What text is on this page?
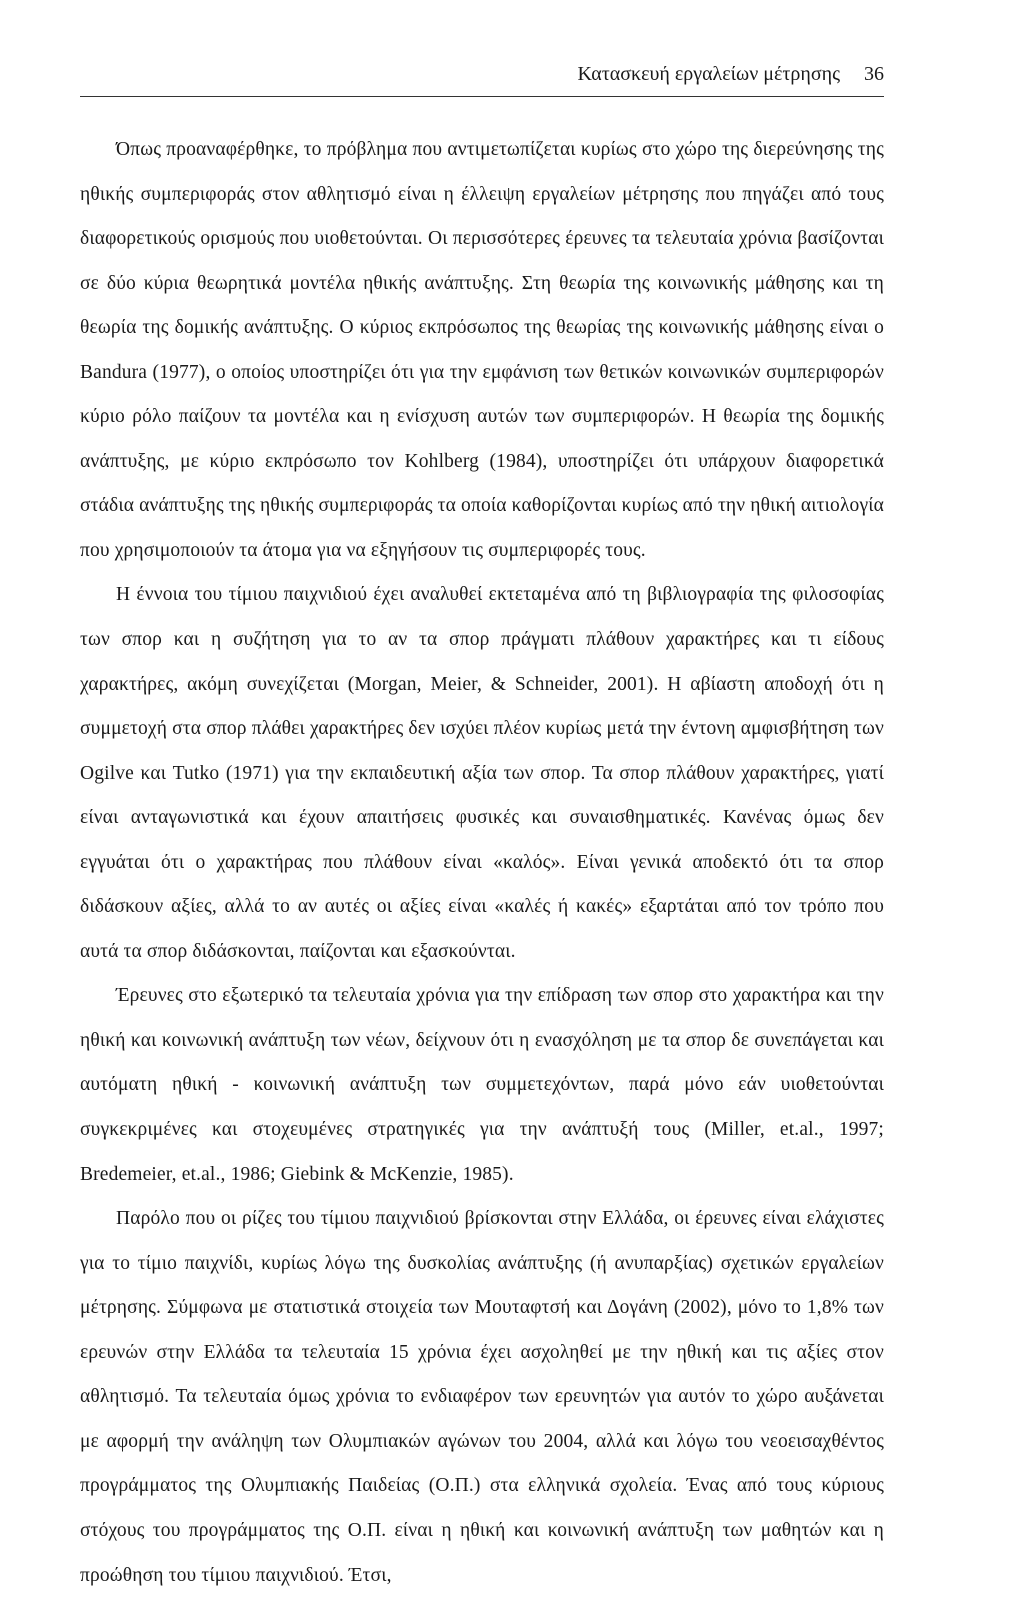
Κατασκευή εργαλείων μέτρησης 36

Όπως προαναφέρθηκε, το πρόβλημα που αντιμετωπίζεται κυρίως στο χώρο της διερεύνησης της ηθικής συμπεριφοράς στον αθλητισμό είναι η έλλειψη εργαλείων μέτρησης που πηγάζει από τους διαφορετικούς ορισμούς που υιοθετούνται. Οι περισσότερες έρευνες τα τελευταία χρόνια βασίζονται σε δύο κύρια θεωρητικά μοντέλα ηθικής ανάπτυξης. Στη θεωρία της κοινωνικής μάθησης και τη θεωρία της δομικής ανάπτυξης. Ο κύριος εκπρόσωπος της θεωρίας της κοινωνικής μάθησης είναι ο Bandura (1977), ο οποίος υποστηρίζει ότι για την εμφάνιση των θετικών κοινωνικών συμπεριφορών κύριο ρόλο παίζουν τα μοντέλα και η ενίσχυση αυτών των συμπεριφορών. Η θεωρία της δομικής ανάπτυξης, με κύριο εκπρόσωπο τον Kohlberg (1984), υποστηρίζει ότι υπάρχουν διαφορετικά στάδια ανάπτυξης της ηθικής συμπεριφοράς τα οποία καθορίζονται κυρίως από την ηθική αιτιολογία που χρησιμοποιούν τα άτομα για να εξηγήσουν τις συμπεριφορές τους.

Η έννοια του τίμιου παιχνιδιού έχει αναλυθεί εκτεταμένα από τη βιβλιογραφία της φιλοσοφίας των σπορ και η συζήτηση για το αν τα σπορ πράγματι πλάθουν χαρακτήρες και τι είδους χαρακτήρες, ακόμη συνεχίζεται (Morgan, Meier, & Schneider, 2001). Η αβίαστη αποδοχή ότι η συμμετοχή στα σπορ πλάθει χαρακτήρες δεν ισχύει πλέον κυρίως μετά την έντονη αμφισβήτηση των Ogilve και Tutko (1971) για την εκπαιδευτική αξία των σπορ. Τα σπορ πλάθουν χαρακτήρες, γιατί είναι ανταγωνιστικά και έχουν απαιτήσεις φυσικές και συναισθηματικές. Κανένας όμως δεν εγγυάται ότι ο χαρακτήρας που πλάθουν είναι «καλός». Είναι γενικά αποδεκτό ότι τα σπορ διδάσκουν αξίες, αλλά το αν αυτές οι αξίες είναι «καλές ή κακές» εξαρτάται από τον τρόπο που αυτά τα σπορ διδάσκονται, παίζονται και εξασκούνται.

Έρευνες στο εξωτερικό τα τελευταία χρόνια για την επίδραση των σπορ στο χαρακτήρα και την ηθική και κοινωνική ανάπτυξη των νέων, δείχνουν ότι η ενασχόληση με τα σπορ δε συνεπάγεται και αυτόματη ηθική - κοινωνική ανάπτυξη των συμμετεχόντων, παρά μόνο εάν υιοθετούνται συγκεκριμένες και στοχευμένες στρατηγικές για την ανάπτυξή τους (Miller, et.al., 1997; Bredemeier, et.al., 1986; Giebink & McKenzie, 1985).

Παρόλο που οι ρίζες του τίμιου παιχνιδιού βρίσκονται στην Ελλάδα, οι έρευνες είναι ελάχιστες για το τίμιο παιχνίδι, κυρίως λόγω της δυσκολίας ανάπτυξης (ή ανυπαρξίας) σχετικών εργαλείων μέτρησης. Σύμφωνα με στατιστικά στοιχεία των Μουταφτσή και Δογάνη (2002), μόνο το 1,8% των ερευνών στην Ελλάδα τα τελευταία 15 χρόνια έχει ασχοληθεί με την ηθική και τις αξίες στον αθλητισμό. Τα τελευταία όμως χρόνια το ενδιαφέρον των ερευνητών για αυτόν το χώρο αυξάνεται με αφορμή την ανάληψη των Ολυμπιακών αγώνων του 2004, αλλά και λόγω του νεοεισαχθέντος προγράμματος της Ολυμπιακής Παιδείας (Ο.Π.) στα ελληνικά σχολεία. Ένας από τους κύριους στόχους του προγράμματος της Ο.Π. είναι η ηθική και κοινωνική ανάπτυξη των μαθητών και η προώθηση του τίμιου παιχνιδιού. Έτσι,
